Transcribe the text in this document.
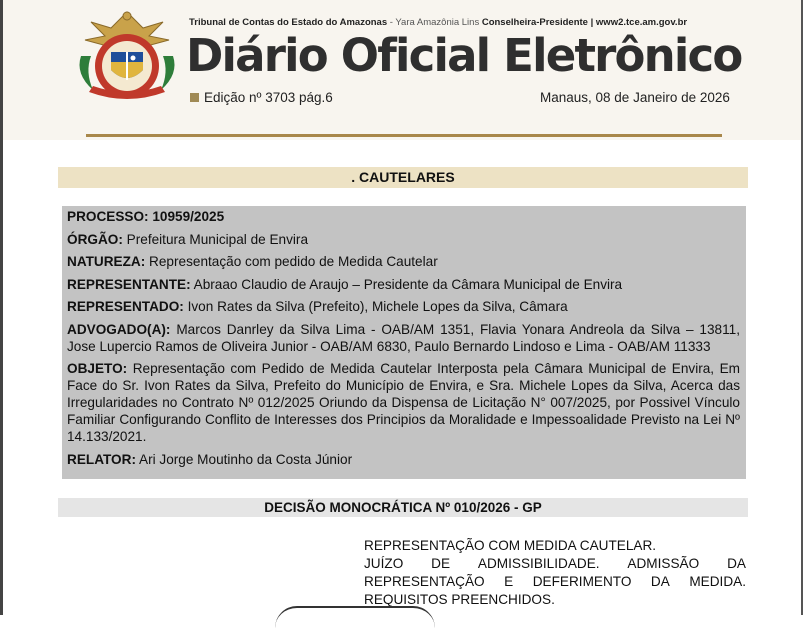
Tribunal de Contas do Estado do Amazonas - Yara Amazônia Lins Conselheira-Presidente | www2.tce.am.gov.br
Diário Oficial Eletrônico
Edição nº 3703 pág.6	Manaus, 08 de Janeiro de 2026
. CAUTELARES

PROCESSO: 10959/2025

ÓRGÃO: Prefeitura Municipal de Envira

NATUREZA: Representação com pedido de Medida Cautelar

REPRESENTANTE: Abraao Claudio de Araujo – Presidente da Câmara Municipal de Envira

REPRESENTADO: Ivon Rates da Silva (Prefeito), Michele Lopes da Silva, Câmara

ADVOGADO(A): Marcos Danrley da Silva Lima - OAB/AM 1351, Flavia Yonara Andreola da Silva – 13811, Jose Lupercio Ramos de Oliveira Junior - OAB/AM 6830, Paulo Bernardo Lindoso e Lima - OAB/AM 11333

OBJETO: Representação com Pedido de Medida Cautelar Interposta pela Câmara Municipal de Envira, Em Face do Sr. Ivon Rates da Silva, Prefeito do Município de Envira, e Sra. Michele Lopes da Silva, Acerca das Irregularidades no Contrato Nº 012/2025 Oriundo da Dispensa de Licitação N° 007/2025, por Possivel Vínculo Familiar Configurando Conflito de Interesses dos Principios da Moralidade e Impessoalidade Previsto na Lei Nº 14.133/2021.

RELATOR: Ari Jorge Moutinho da Costa Júnior

DECISÃO MONOCRÁTICA Nº 010/2026 - GP
REPRESENTAÇÃO COM MEDIDA CAUTELAR.
JUÍZO DE ADMISSIBILIDADE. ADMISSÃO DA
REPRESENTAÇÃO E DEFERIMENTO DA MEDIDA.
REQUISITOS PREENCHIDOS.
